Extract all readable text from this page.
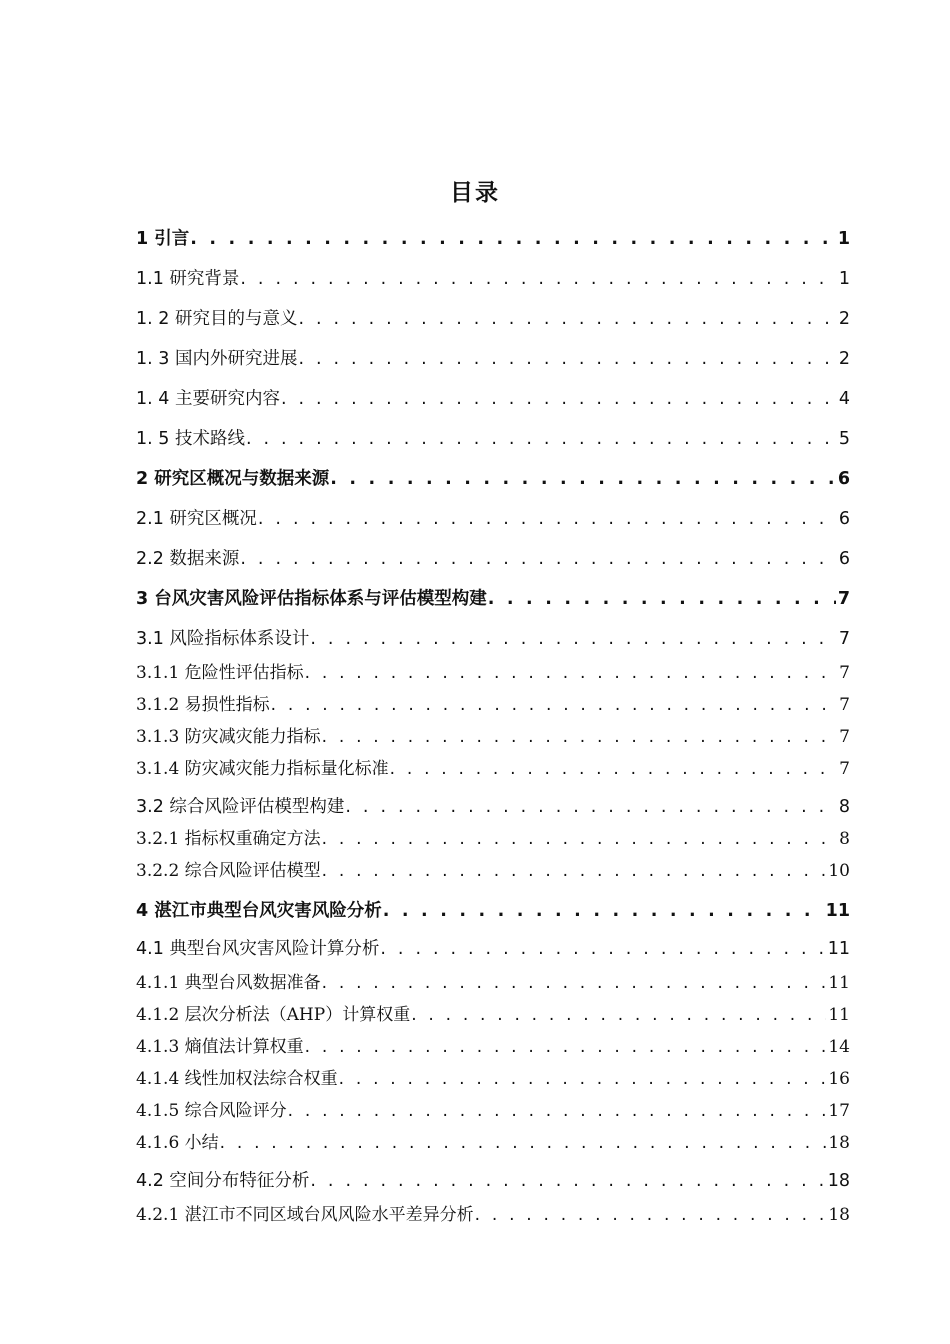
目录
1 引言 . . .	1
1.1 研究背景 . . .	1
1. 2 研究目的与意义 . . .	2
1. 3 国内外研究进展 . . .	2
1. 4 主要研究内容 . . .	4
1. 5 技术路线 . . .	5
2 研究区概况与数据来源 . . .	6
2.1 研究区概况 . . .	6
2.2 数据来源 . . .	6
3 台风灾害风险评估指标体系与评估模型构建 . . .	7
3.1 风险指标体系设计 . . .	7
3.1.1 危险性评估指标 . . .	7
3.1.2 易损性指标 . . .	7
3.1.3 防灾减灾能力指标 . . .	7
3.1.4 防灾减灾能力指标量化标准 . . .	7
3.2 综合风险评估模型构建 . . .	8
3.2.1 指标权重确定方法 . . .	8
3.2.2 综合风险评估模型 . . .	10
4 湛江市典型台风灾害风险分析 . . .	11
4.1 典型台风灾害风险计算分析 . . .	11
4.1.1 典型台风数据准备 . . .	11
4.1.2 层次分析法（AHP）计算权重 . . .	11
4.1.3 熵值法计算权重 . . .	14
4.1.4 线性加权法综合权重 . . .	16
4.1.5 综合风险评分 . . .	17
4.1.6 小结 . . .	18
4.2 空间分布特征分析 . . .	18
4.2.1 湛江市不同区域台风风险水平差异分析 . . .	18
